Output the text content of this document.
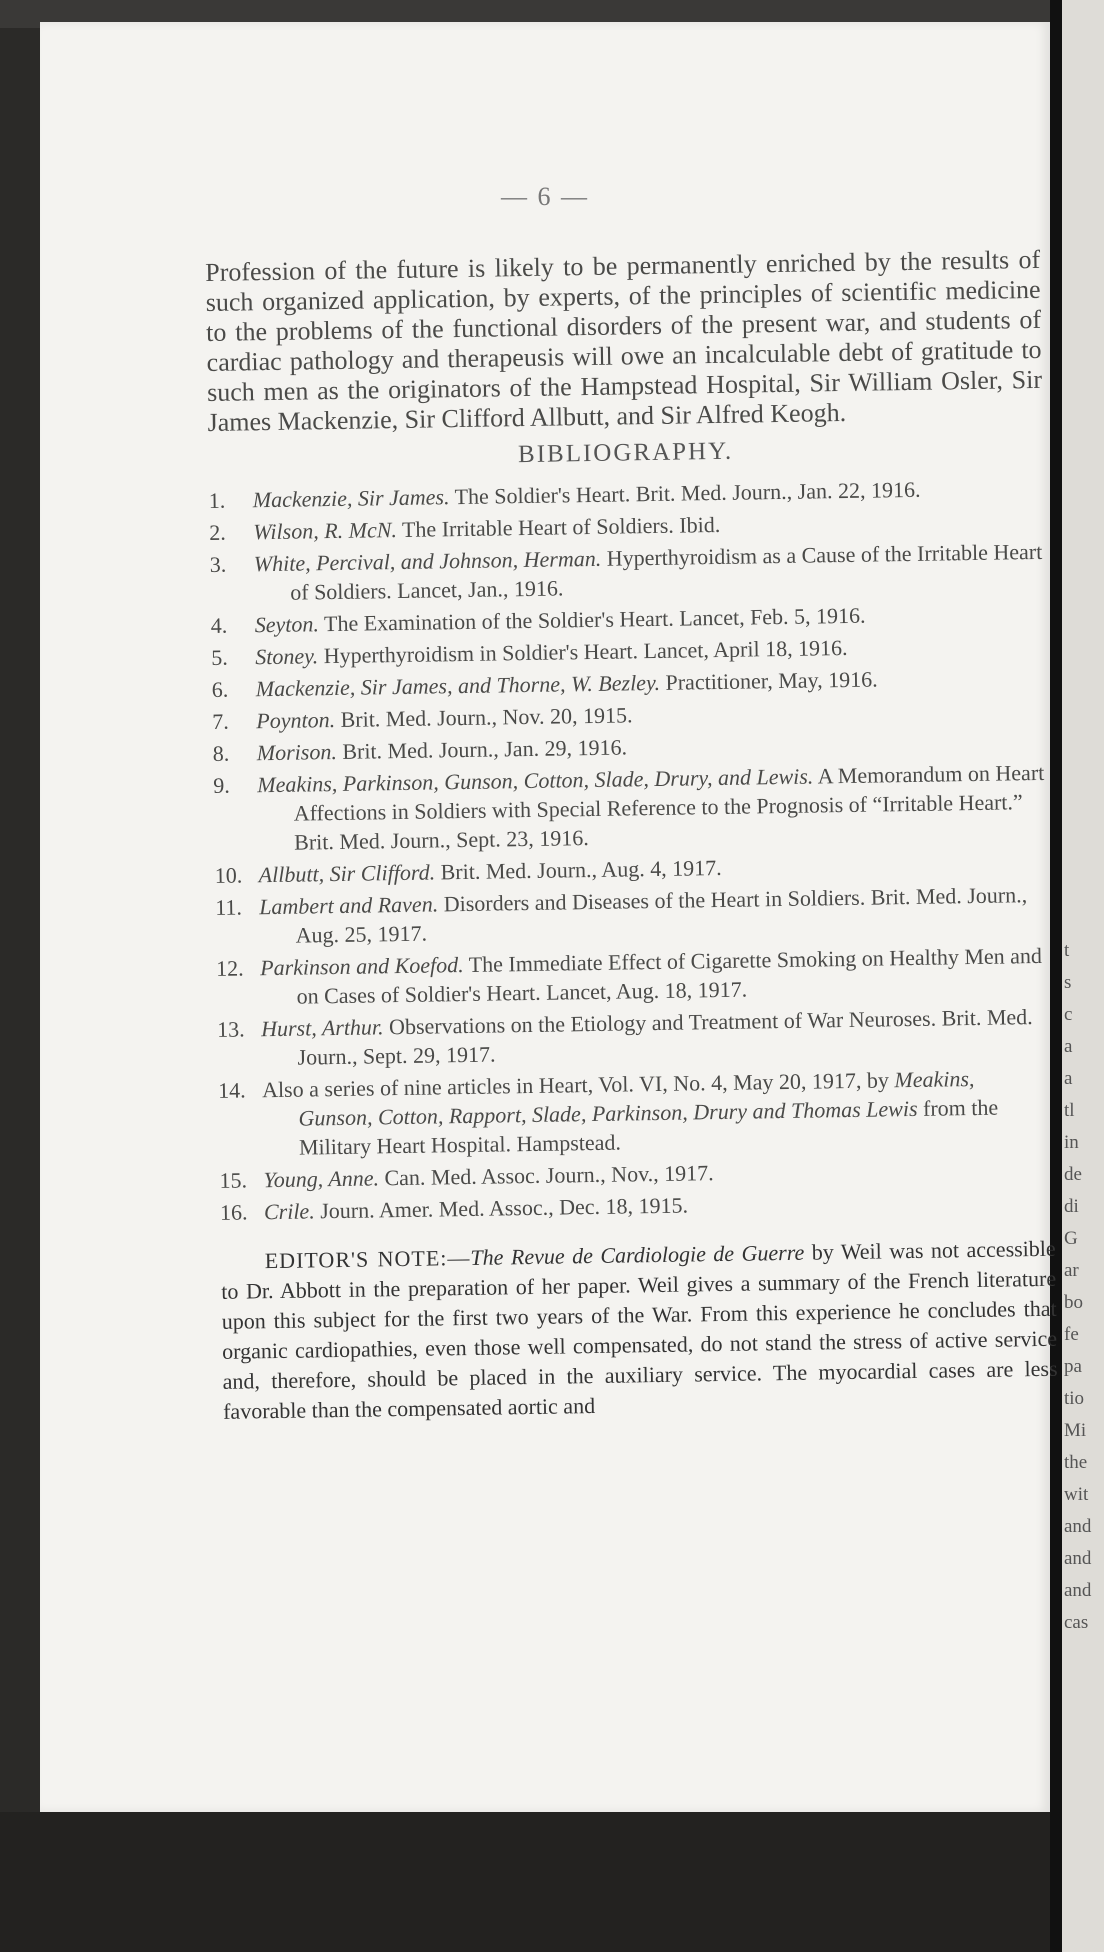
t
s
c
a
a
tl
in
de
di
G
ar
bo
fe
pa
tio
Mi
the
wit
and
and
and
cas
— 6 —

Profession of the future is likely to be permanently enriched by the results of such organized application, by experts, of the principles of scientific medicine to the problems of the functional disorders of the present war, and students of cardiac pathology and therapeusis will owe an incalculable debt of gratitude to such men as the originators of the Hampstead Hospital, Sir William Osler, Sir James Mackenzie, Sir Clifford Allbutt, and Sir Alfred Keogh.

BIBLIOGRAPHY.
1.	Mackenzie, Sir James. The Soldier's Heart. Brit. Med. Journ., Jan. 22, 1916.
2.	Wilson, R. McN. The Irritable Heart of Soldiers. Ibid.
3.	White, Percival, and Johnson, Herman. Hyperthyroidism as a Cause of the Irritable Heart of Soldiers. Lancet, Jan., 1916.
4.	Seyton. The Examination of the Soldier's Heart. Lancet, Feb. 5, 1916.
5.	Stoney. Hyperthyroidism in Soldier's Heart. Lancet, April 18, 1916.
6.	Mackenzie, Sir James, and Thorne, W. Bezley. Practitioner, May, 1916.
7.	Poynton. Brit. Med. Journ., Nov. 20, 1915.
8.	Morison. Brit. Med. Journ., Jan. 29, 1916.
9.	Meakins, Parkinson, Gunson, Cotton, Slade, Drury, and Lewis. A Memorandum on Heart Affections in Soldiers with Special Reference to the Prognosis of “Irritable Heart.” Brit. Med. Journ., Sept. 23, 1916.
10. Allbutt, Sir Clifford. Brit. Med. Journ., Aug. 4, 1917.
11. Lambert and Raven. Disorders and Diseases of the Heart in Soldiers. Brit. Med. Journ., Aug. 25, 1917.
12. Parkinson and Koefod. The Immediate Effect of Cigarette Smoking on Healthy Men and on Cases of Soldier's Heart. Lancet, Aug. 18, 1917.
13. Hurst, Arthur. Observations on the Etiology and Treatment of War Neuroses. Brit. Med. Journ., Sept. 29, 1917.
14. Also a series of nine articles in Heart, Vol. VI, No. 4, May 20, 1917, by Meakins, Gunson, Cotton, Rapport, Slade, Parkinson, Drury and Thomas Lewis from the Military Heart Hospital. Hampstead.
15. Young, Anne. Can. Med. Assoc. Journ., Nov., 1917.
16. Crile. Journ. Amer. Med. Assoc., Dec. 18, 1915.

EDITOR'S NOTE:—The Revue de Cardiologie de Guerre by Weil was not accessible to Dr. Abbott in the preparation of her paper. Weil gives a summary of the French literature upon this subject for the first two years of the War. From this experience he concludes that organic cardiopathies, even those well compensated, do not stand the stress of active service and, therefore, should be placed in the auxiliary service. The myocardial cases are less favorable than the compensated aortic and
